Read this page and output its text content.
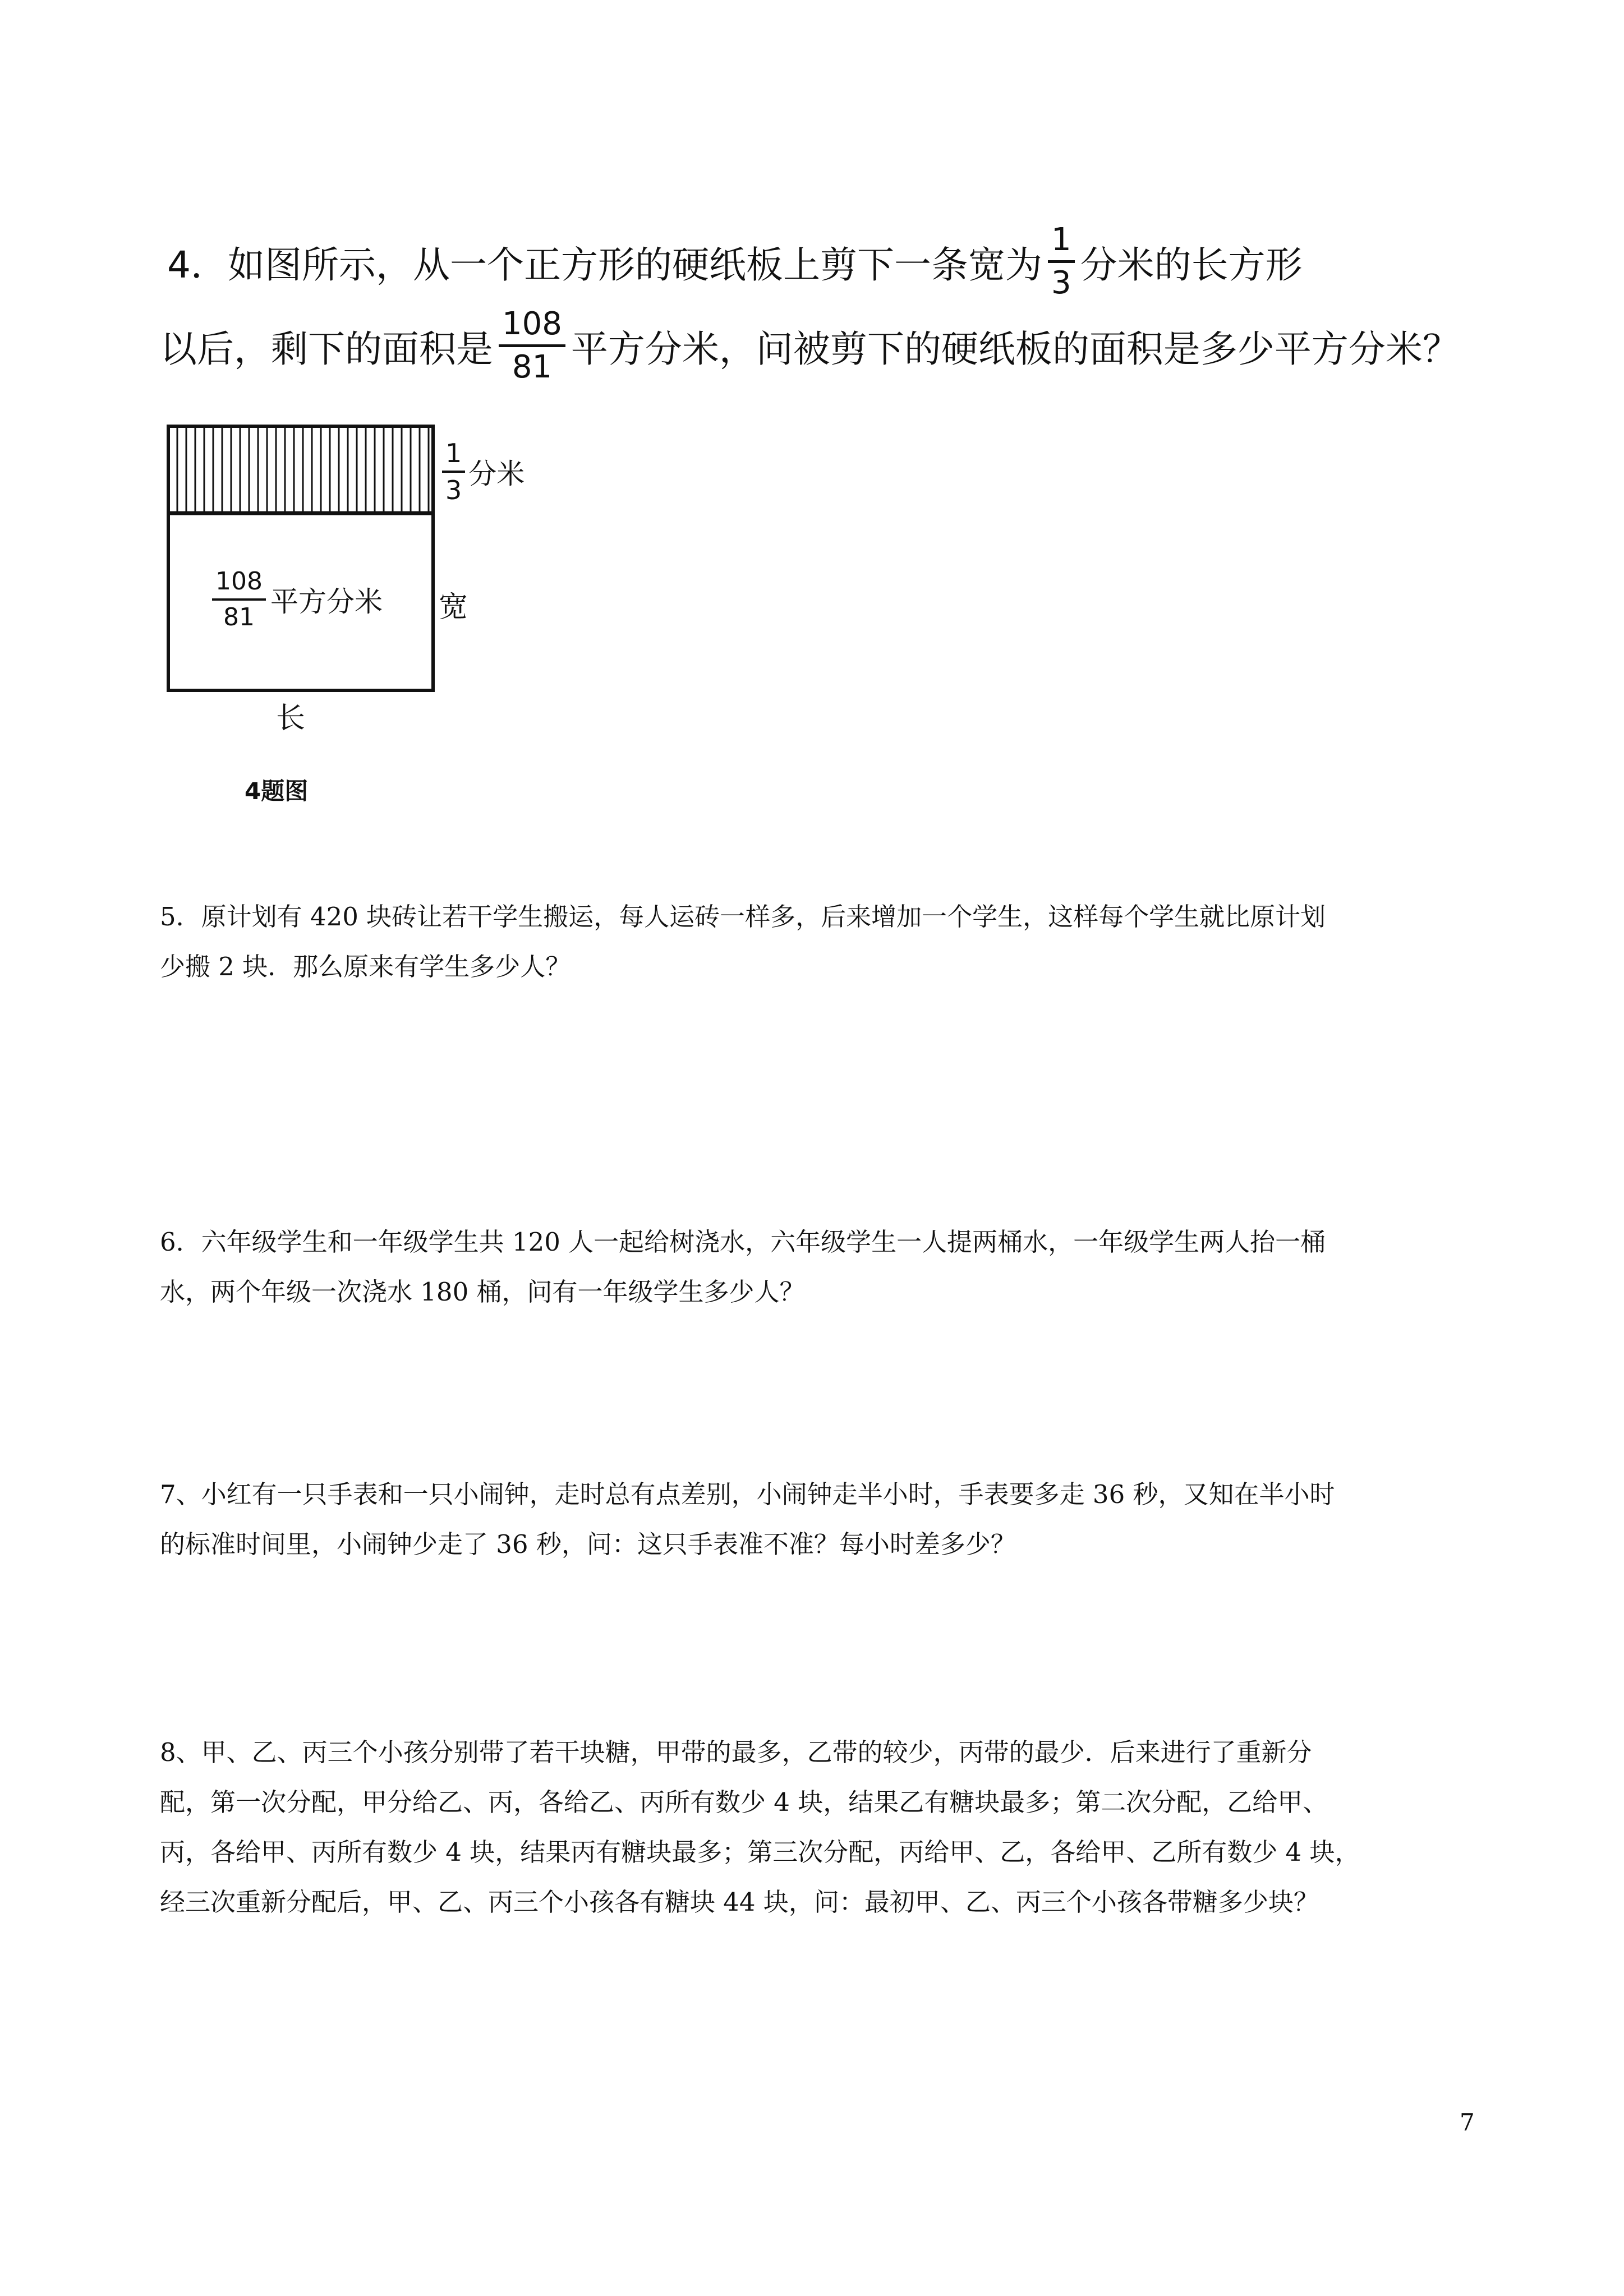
4．如图所示，从一个正方形的硬纸板上剪下一条宽为 $\frac{1}{3}$ 分米的长方形
以后，剩下的面积是 $\frac{108}{81}$ 平方分米，问被剪下的硬纸板的面积是多少平方分米？
$\frac{1}{3}$ 分米
$\frac{108}{81}$ 平方分米 宽
长
4题图
5．原计划有 420 块砖让若干学生搬运，每人运砖一样多，后来增加一个学生，这样每个学生就比原计划
少搬 2 块．那么原来有学生多少人？
6．六年级学生和一年级学生共 120 人一起给树浇水，六年级学生一人提两桶水，一年级学生两人抬一桶
水，两个年级一次浇水 180 桶，问有一年级学生多少人？
7、小红有一只手表和一只小闹钟，走时总有点差别，小闹钟走半小时，手表要多走 36 秒，又知在半小时
的标准时间里，小闹钟少走了 36 秒，问：这只手表准不准？每小时差多少？
8、甲、乙、丙三个小孩分别带了若干块糖，甲带的最多，乙带的较少，丙带的最少．后来进行了重新分
配，第一次分配，甲分给乙、丙，各给乙、丙所有数少 4 块，结果乙有糖块最多；第二次分配，乙给甲、
丙，各给甲、丙所有数少 4 块，结果丙有糖块最多；第三次分配，丙给甲、乙，各给甲、乙所有数少 4 块，
经三次重新分配后，甲、乙、丙三个小孩各有糖块 44 块，问：最初甲、乙、丙三个小孩各带糖多少块？
7
